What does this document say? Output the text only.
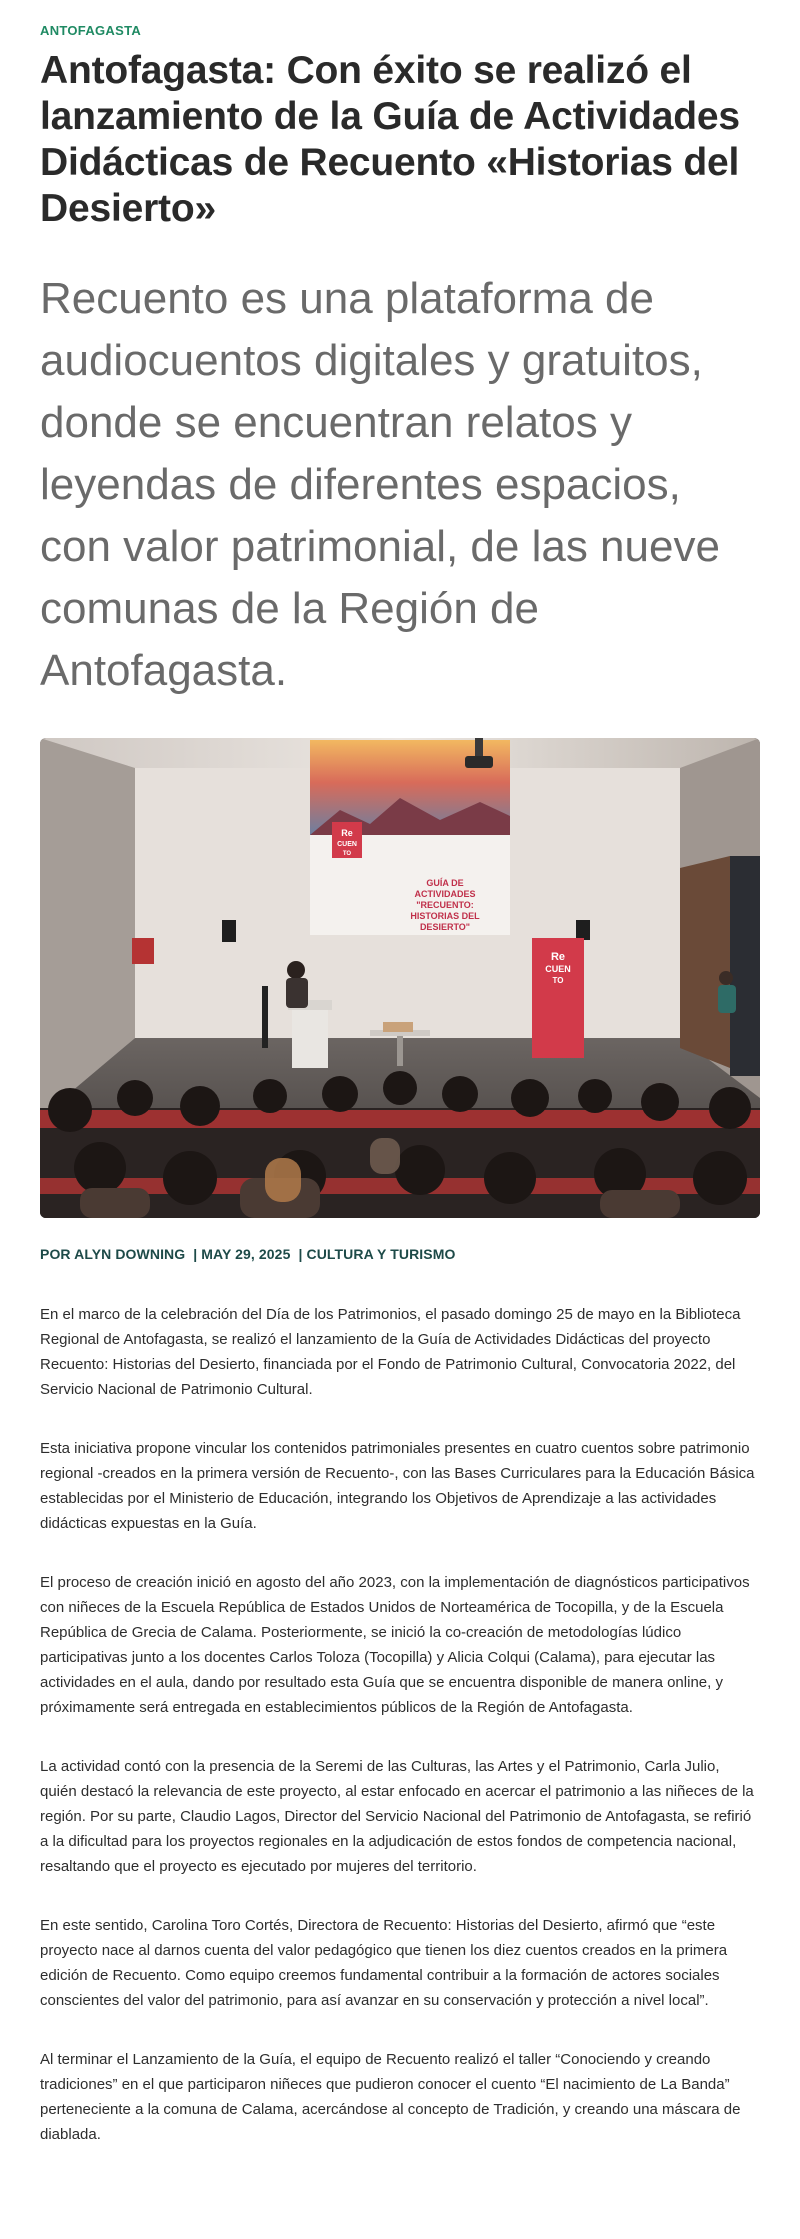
ANTOFAGASTA
Antofagasta: Con éxito se realizó el lanzamiento de la Guía de Actividades Didácticas de Recuento «Historias del Desierto»

Recuento es una plataforma de audiocuentos digitales y gratuitos, donde se encuentran relatos y leyendas de diferentes espacios, con valor patrimonial, de las nueve comunas de la Región de Antofagasta.

Re
CUEN
TO
GUÍA DE
ACTIVIDADES
"RECUENTO:
HISTORIAS DEL
DESIERTO"
Re
CUEN
TO
POR ALYN DOWNING | MAY 29, 2025 | CULTURA Y TURISMO

En el marco de la celebración del Día de los Patrimonios, el pasado domingo 25 de mayo en la Biblioteca Regional de Antofagasta, se realizó el lanzamiento de la Guía de Actividades Didácticas del proyecto Recuento: Historias del Desierto, financiada por el Fondo de Patrimonio Cultural, Convocatoria 2022, del Servicio Nacional de Patrimonio Cultural.

Esta iniciativa propone vincular los contenidos patrimoniales presentes en cuatro cuentos sobre patrimonio regional -creados en la primera versión de Recuento-, con las Bases Curriculares para la Educación Básica establecidas por el Ministerio de Educación, integrando los Objetivos de Aprendizaje a las actividades didácticas expuestas en la Guía.

El proceso de creación inició en agosto del año 2023, con la implementación de diagnósticos participativos con niñeces de la Escuela República de Estados Unidos de Norteamérica de Tocopilla, y de la Escuela República de Grecia de Calama. Posteriormente, se inició la co-creación de metodologías lúdico participativas junto a los docentes Carlos Toloza (Tocopilla) y Alicia Colqui (Calama), para ejecutar las actividades en el aula, dando por resultado esta Guía que se encuentra disponible de manera online, y próximamente será entregada en establecimientos públicos de la Región de Antofagasta.

La actividad contó con la presencia de la Seremi de las Culturas, las Artes y el Patrimonio, Carla Julio, quién destacó la relevancia de este proyecto, al estar enfocado en acercar el patrimonio a las niñeces de la región. Por su parte, Claudio Lagos, Director del Servicio Nacional del Patrimonio de Antofagasta, se refirió a la dificultad para los proyectos regionales en la adjudicación de estos fondos de competencia nacional, resaltando que el proyecto es ejecutado por mujeres del territorio.

En este sentido, Carolina Toro Cortés, Directora de Recuento: Historias del Desierto, afirmó que “este proyecto nace al darnos cuenta del valor pedagógico que tienen los diez cuentos creados en la primera edición de Recuento. Como equipo creemos fundamental contribuir a la formación de actores sociales conscientes del valor del patrimonio, para así avanzar en su conservación y protección a nivel local”.

Al terminar el Lanzamiento de la Guía, el equipo de Recuento realizó el taller “Conociendo y creando tradiciones” en el que participaron niñeces que pudieron conocer el cuento “El nacimiento de La Banda” perteneciente a la comuna de Calama, acercándose al concepto de Tradición, y creando una máscara de diablada.
